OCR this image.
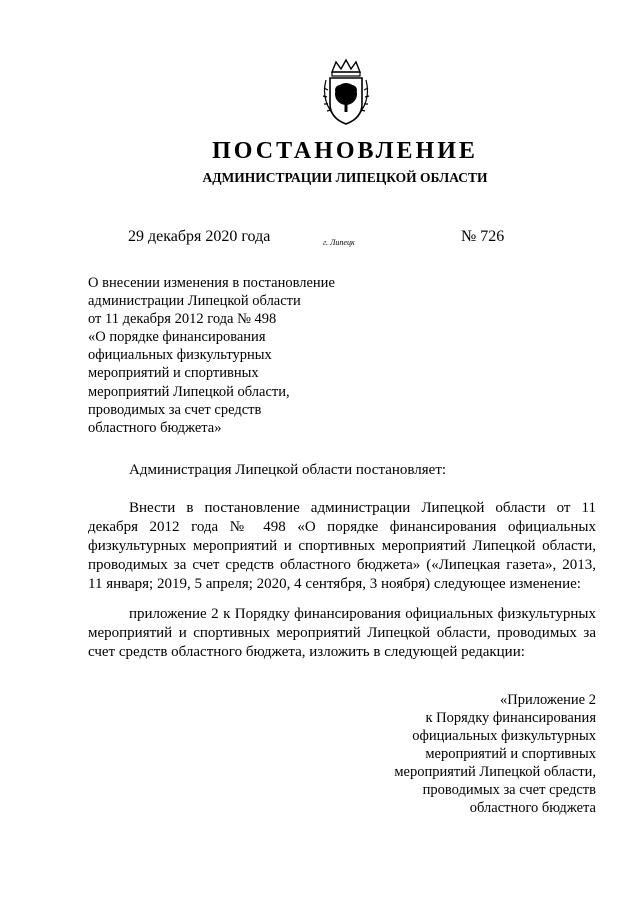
ПОСТАНОВЛЕНИЕ
АДМИНИСТРАЦИИ ЛИПЕЦКОЙ ОБЛАСТИ
29 декабря 2020 года	г. Липецк	№ 726
О внесении изменения в постановление
администрации Липецкой области
от 11 декабря 2012 года № 498
«О порядке финансирования
официальных физкультурных
мероприятий и спортивных
мероприятий Липецкой области,
проводимых за счет средств
областного бюджета»
Администрация Липецкой области постановляет:
Внести в постановление администрации Липецкой области от 11 декабря 2012 года № 498 «О порядке финансирования официальных физкультурных мероприятий и спортивных мероприятий Липецкой области, проводимых за счет средств областного бюджета» («Липецкая газета», 2013, 11 января; 2019, 5 апреля; 2020, 4 сентября, 3 ноября) следующее изменение:
приложение 2 к Порядку финансирования официальных физкультурных мероприятий и спортивных мероприятий Липецкой области, проводимых за счет средств областного бюджета, изложить в следующей редакции:
«Приложение 2
к Порядку финансирования
официальных физкультурных
мероприятий и спортивных
мероприятий Липецкой области,
проводимых за счет средств
областного бюджета
